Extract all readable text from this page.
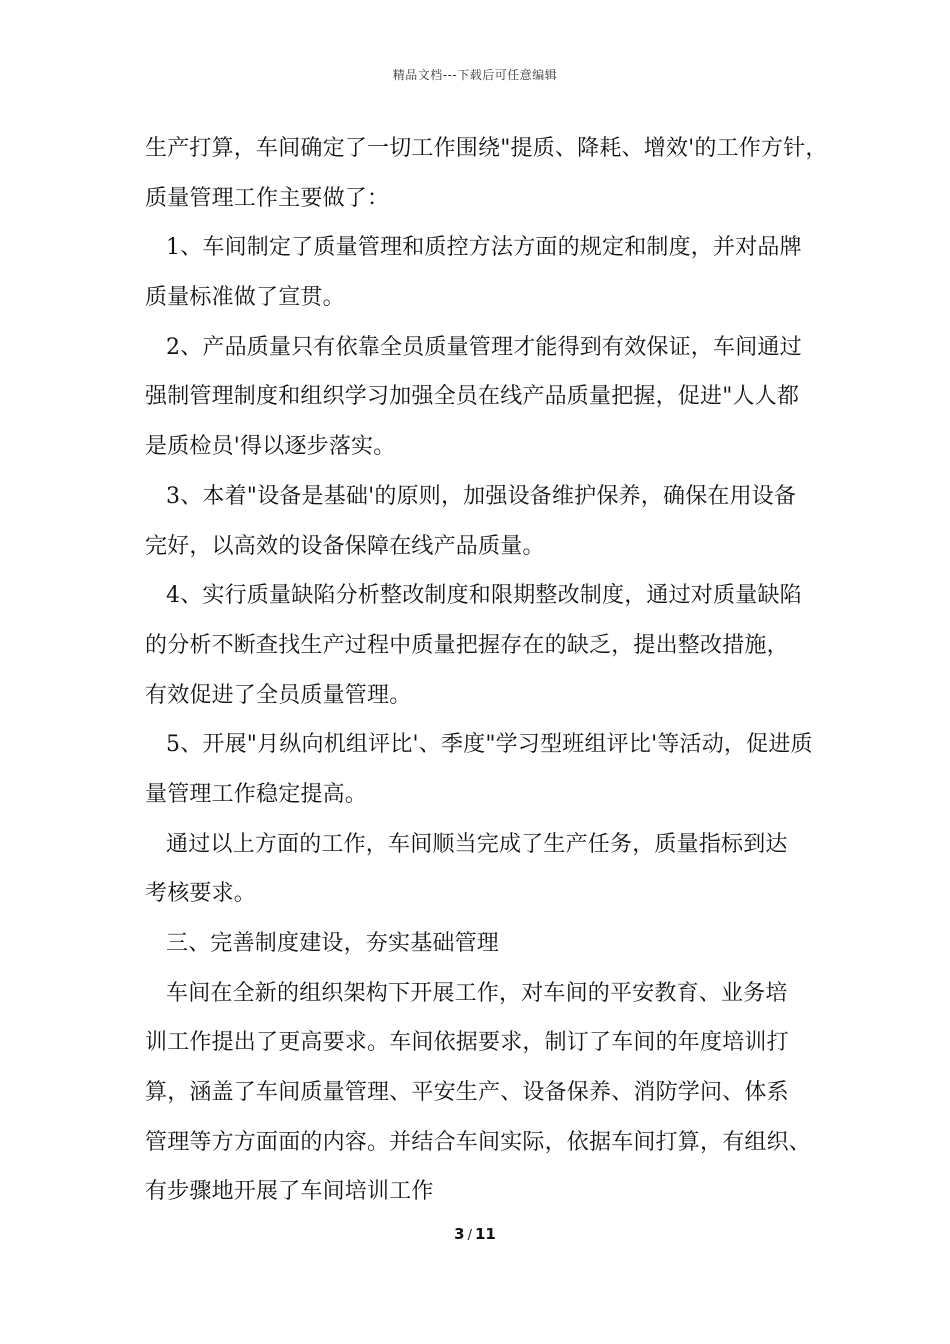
精品文档---下载后可任意编辑
生产打算，车间确定了一切工作围绕"提质、降耗、增效'的工作方针，
质量管理工作主要做了：
1、车间制定了质量管理和质控方法方面的规定和制度，并对品牌
质量标准做了宣贯。
2、产品质量只有依靠全员质量管理才能得到有效保证，车间通过
强制管理制度和组织学习加强全员在线产品质量把握，促进"人人都
是质检员'得以逐步落实。
3、本着"设备是基础'的原则，加强设备维护保养，确保在用设备
完好，以高效的设备保障在线产品质量。
4、实行质量缺陷分析整改制度和限期整改制度，通过对质量缺陷
的分析不断查找生产过程中质量把握存在的缺乏，提出整改措施，
有效促进了全员质量管理。
5、开展"月纵向机组评比'、季度"学习型班组评比'等活动，促进质
量管理工作稳定提高。
通过以上方面的工作，车间顺当完成了生产任务，质量指标到达
考核要求。
三、完善制度建设，夯实基础管理
车间在全新的组织架构下开展工作，对车间的平安教育、业务培
训工作提出了更高要求。车间依据要求，制订了车间的年度培训打
算，涵盖了车间质量管理、平安生产、设备保养、消防学问、体系
管理等方方面面的内容。并结合车间实际，依据车间打算，有组织、
有步骤地开展了车间培训工作
3 / 11
